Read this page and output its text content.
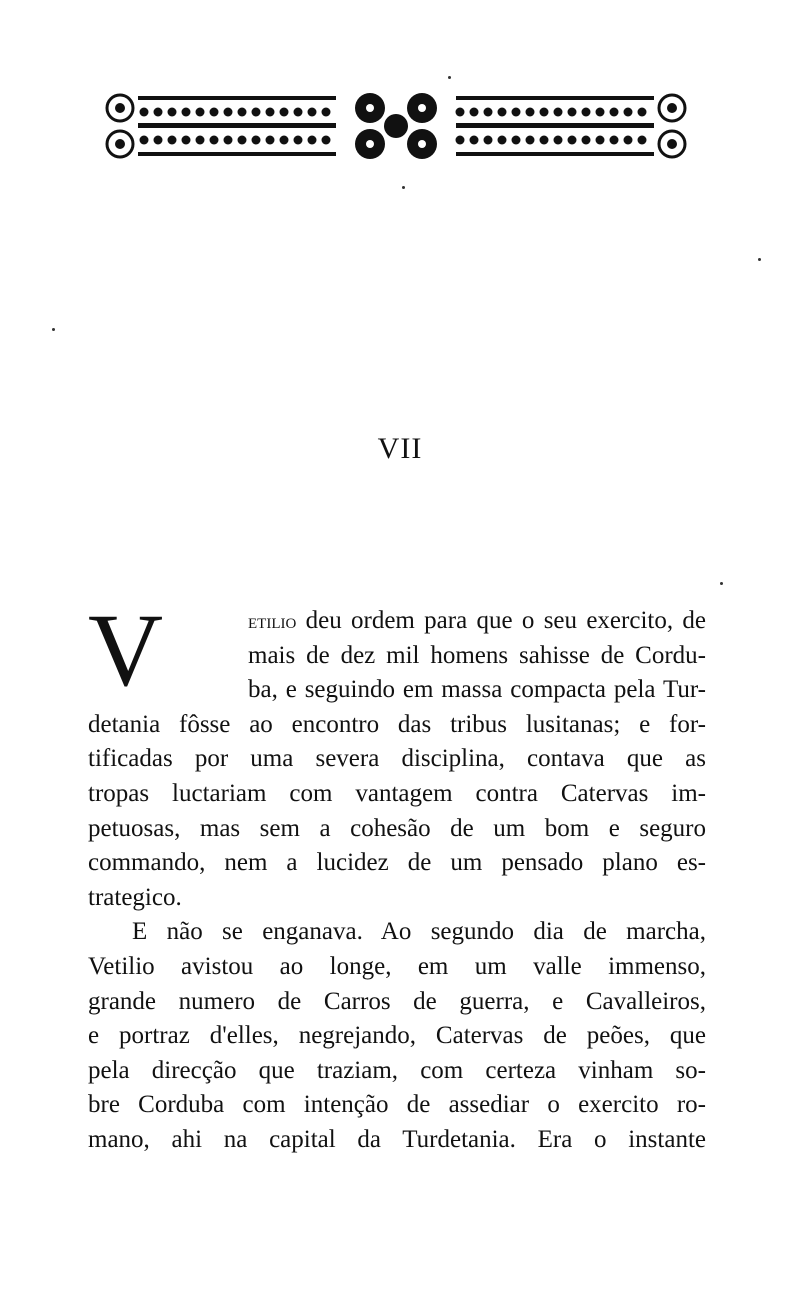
VII
V	etilio deu ordem para que o seu exercito, de
mais de dez mil homens sahisse de Cordu-
ba, e seguindo em massa compacta pela Tur-
detania fôsse ao encontro das tribus lusitanas; e for-
tificadas por uma severa disciplina, contava que as
tropas luctariam com vantagem contra Catervas im-
petuosas, mas sem a cohesão de um bom e seguro
commando, nem a lucidez de um pensado plano es-
trategico.
E não se enganava. Ao segundo dia de marcha,
Vetilio avistou ao longe, em um valle immenso,
grande numero de Carros de guerra, e Cavalleiros,
e portraz d'elles, negrejando, Catervas de peões, que
pela direcção que traziam, com certeza vinham so-
bre Corduba com intenção de assediar o exercito ro-
mano, ahi na capital da Turdetania. Era o instante
